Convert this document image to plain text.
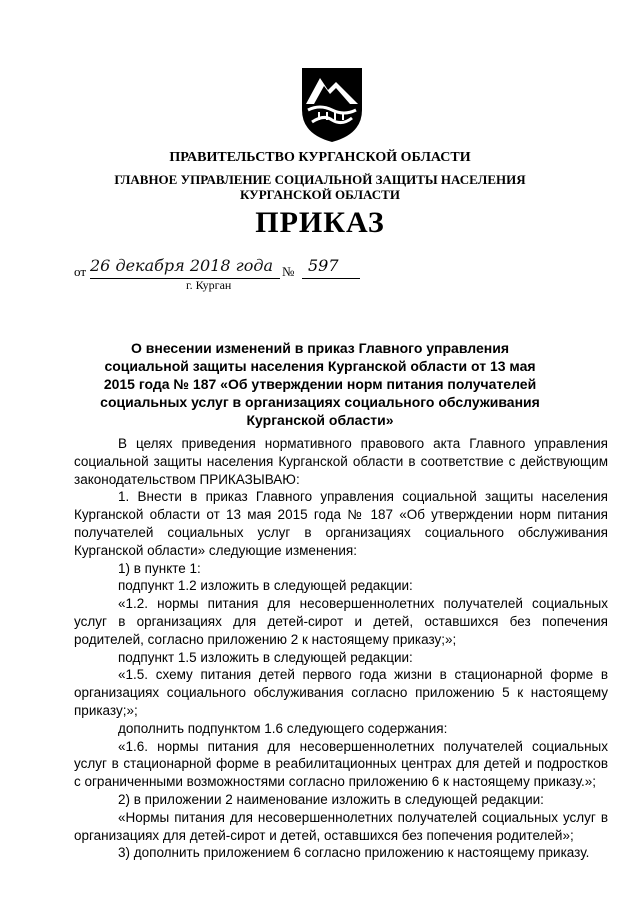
ПРАВИТЕЛЬСТВО КУРГАНСКОЙ ОБЛАСТИ
ГЛАВНОЕ УПРАВЛЕНИЕ СОЦИАЛЬНОЙ ЗАЩИТЫ НАСЕЛЕНИЯ
КУРГАНСКОЙ ОБЛАСТИ
ПРИКАЗ
от 26 декабря 2018 года № 597
г. Курган
О внесении изменений в приказ Главного управления социальной защиты населения Курганской области от 13 мая 2015 года № 187 «Об утверждении норм питания получателей социальных услуг в организациях социального обслуживания Курганской области»

В целях приведения нормативного правового акта Главного управления социальной защиты населения Курганской области в соответствие с действующим законодательством ПРИКАЗЫВАЮ:

1. Внести в приказ Главного управления социальной защиты населения Курганской области от 13 мая 2015 года № 187 «Об утверждении норм питания получателей социальных услуг в организациях социального обслуживания Курганской области» следующие изменения:

1) в пункте 1:

подпункт 1.2 изложить в следующей редакции:

«1.2. нормы питания для несовершеннолетних получателей социальных услуг в организациях для детей-сирот и детей, оставшихся без попечения родителей, согласно приложению 2 к настоящему приказу;»;

подпункт 1.5 изложить в следующей редакции:

«1.5. схему питания детей первого года жизни в стационарной форме в организациях социального обслуживания согласно приложению 5 к настоящему приказу;»;

дополнить подпунктом 1.6 следующего содержания:

«1.6. нормы питания для несовершеннолетних получателей социальных услуг в стационарной форме в реабилитационных центрах для детей и подростков с ограниченными возможностями согласно приложению 6 к настоящему приказу.»;

2) в приложении 2 наименование изложить в следующей редакции:

«Нормы питания для несовершеннолетних получателей социальных услуг в организациях для детей-сирот и детей, оставшихся без попечения родителей»;

3) дополнить приложением 6 согласно приложению к настоящему приказу.
